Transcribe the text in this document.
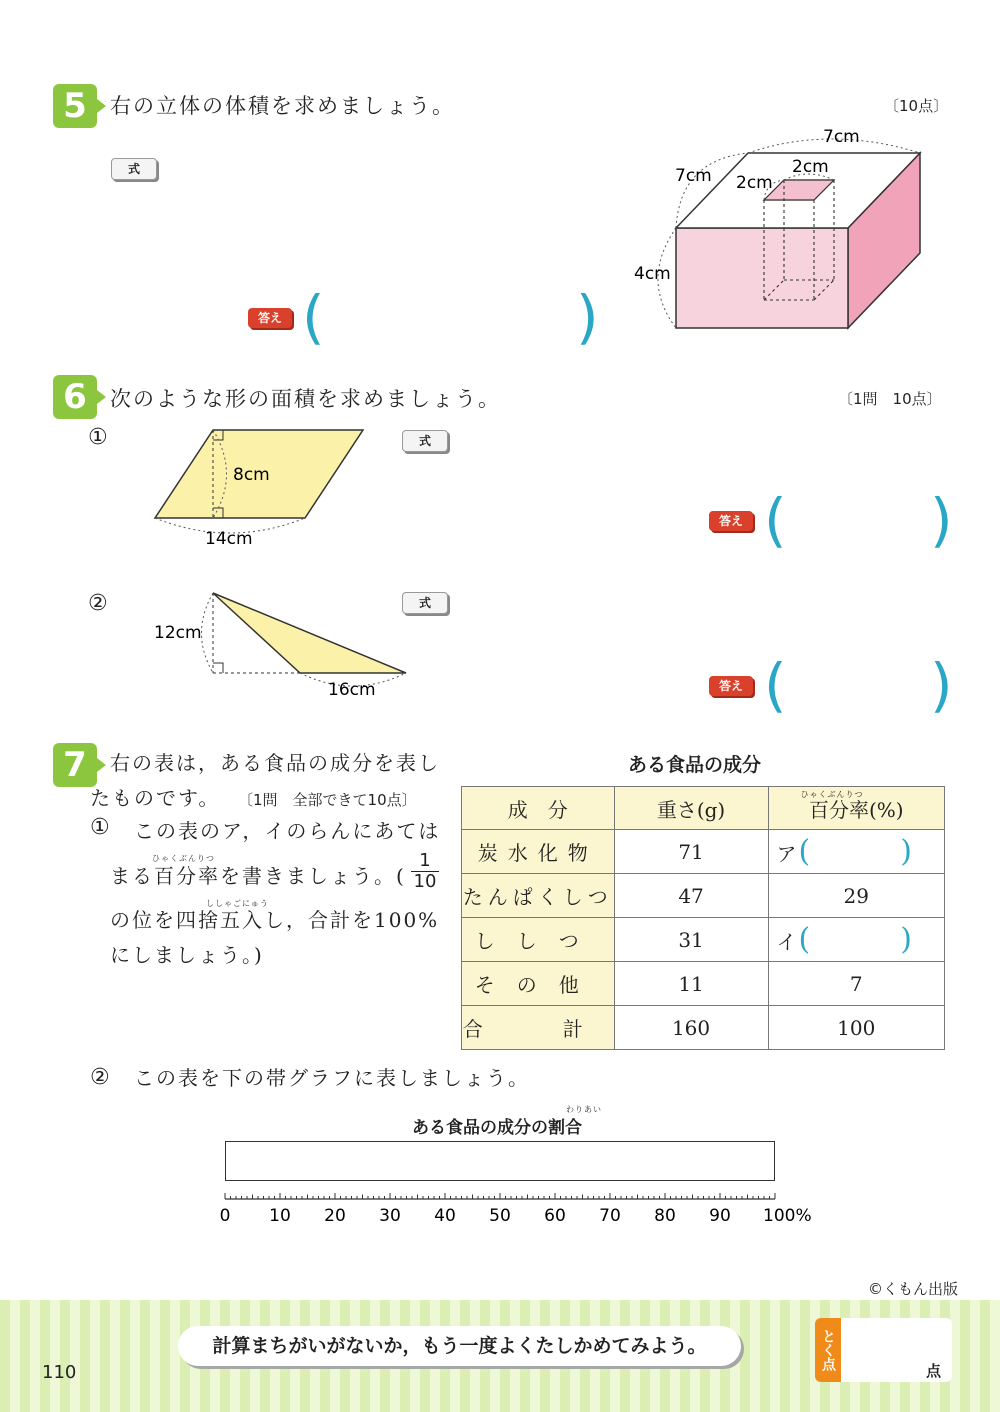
5	右の立体の体積を求めましょう。	〔10点〕
式
答え (	)
7cm
7cm	2cm
2cm
4cm
6	次のような形の面積を求めましょう。	〔1問　10点〕
①	式
8cm
14cm
答え ( )
②	式
12cm
16cm	答え ( )
7	右の表は，ある食品の成分を表し
たものです。 〔1問　全部できて10点〕
① この表のア，イのらんにあては
ひゃくぶんりつ
まる百分率を書きましょう。( $\frac{1}{10}$
ししゃごにゅう
の位を四捨五入し，合計を100%
にしましょう。)
ある食品の成分
成　分	重さ(g)	ひゃくぶんりつ
百分率(%)
炭水化物	71	ア( )
たんぱくしつ	47	29
ししつ	31	イ( )
その他	11	7
合　計	160	100
② この表を下の帯グラフに表しましょう。
わりあい
ある食品の成分の割合
0 10 20 30 40 50 60 70 80 90 100%
©くもん出版
計算まちがいがないか，もう一度よくたしかめてみよう。
110
とく点	点
